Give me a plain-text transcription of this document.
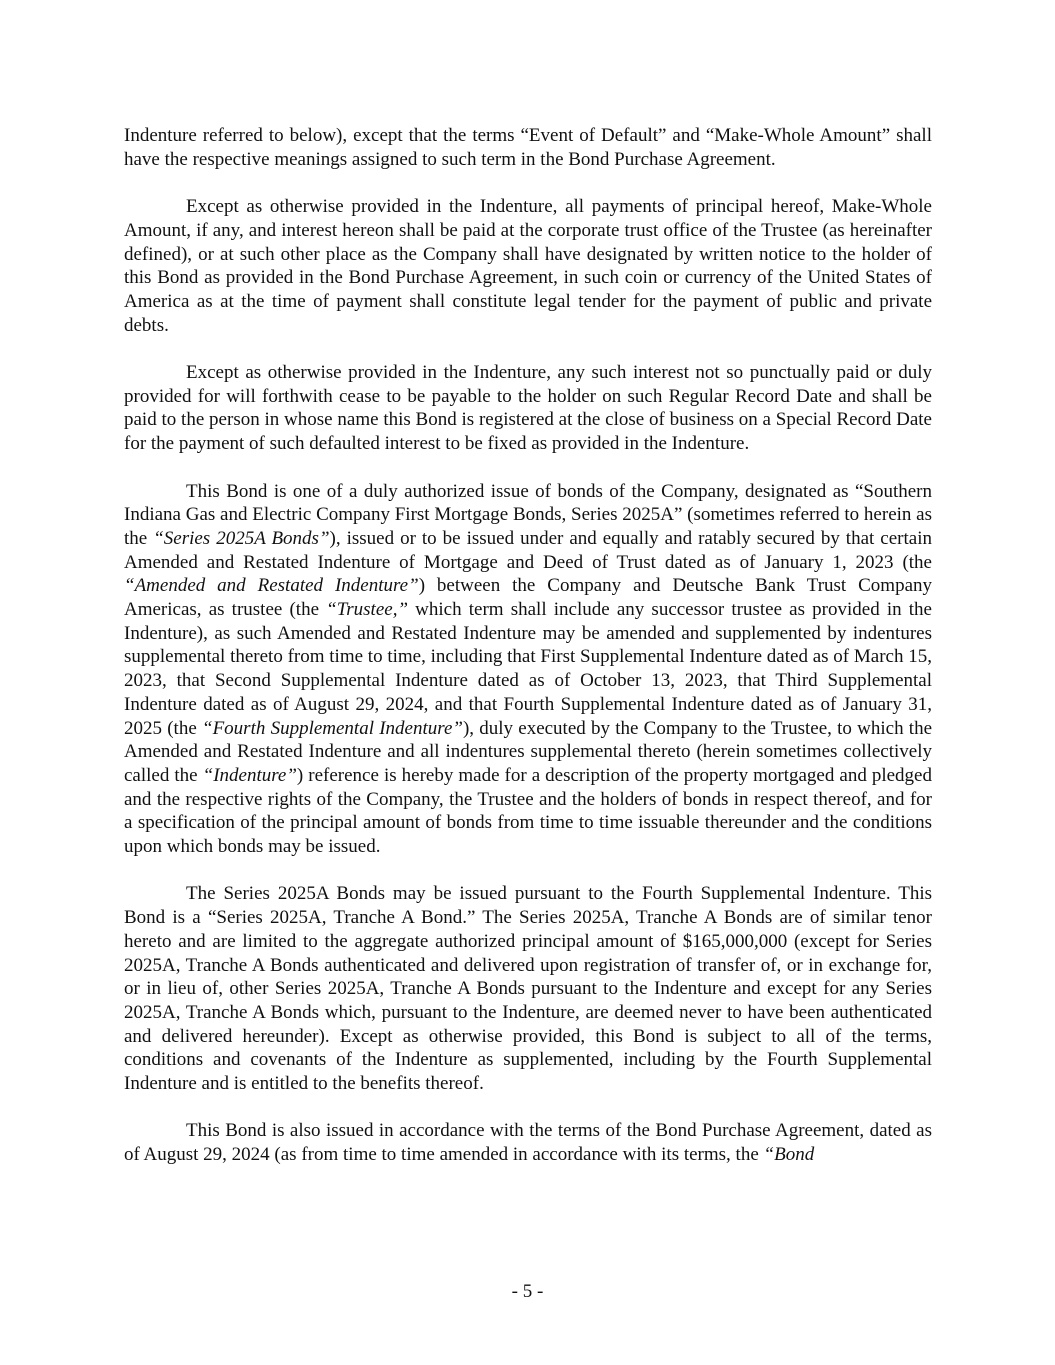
Indenture referred to below), except that the terms “Event of Default” and “Make-Whole Amount” shall have the respective meanings assigned to such term in the Bond Purchase Agreement.

Except as otherwise provided in the Indenture, all payments of principal hereof, Make-Whole Amount, if any, and interest hereon shall be paid at the corporate trust office of the Trustee (as hereinafter defined), or at such other place as the Company shall have designated by written notice to the holder of this Bond as provided in the Bond Purchase Agreement, in such coin or currency of the United States of America as at the time of payment shall constitute legal tender for the payment of public and private debts.

Except as otherwise provided in the Indenture, any such interest not so punctually paid or duly provided for will forthwith cease to be payable to the holder on such Regular Record Date and shall be paid to the person in whose name this Bond is registered at the close of business on a Special Record Date for the payment of such defaulted interest to be fixed as provided in the Indenture.

This Bond is one of a duly authorized issue of bonds of the Company, designated as “Southern Indiana Gas and Electric Company First Mortgage Bonds, Series 2025A” (sometimes referred to herein as the “Series 2025A Bonds”), issued or to be issued under and equally and ratably secured by that certain Amended and Restated Indenture of Mortgage and Deed of Trust dated as of January 1, 2023 (the “Amended and Restated Indenture”) between the Company and Deutsche Bank Trust Company Americas, as trustee (the “Trustee,” which term shall include any successor trustee as provided in the Indenture), as such Amended and Restated Indenture may be amended and supplemented by indentures supplemental thereto from time to time, including that First Supplemental Indenture dated as of March 15, 2023, that Second Supplemental Indenture dated as of October 13, 2023, that Third Supplemental Indenture dated as of August 29, 2024, and that Fourth Supplemental Indenture dated as of January 31, 2025 (the “Fourth Supplemental Indenture”), duly executed by the Company to the Trustee, to which the Amended and Restated Indenture and all indentures supplemental thereto (herein sometimes collectively called the “Indenture”) reference is hereby made for a description of the property mortgaged and pledged and the respective rights of the Company, the Trustee and the holders of bonds in respect thereof, and for a specification of the principal amount of bonds from time to time issuable thereunder and the conditions upon which bonds may be issued.

The Series 2025A Bonds may be issued pursuant to the Fourth Supplemental Indenture. This Bond is a “Series 2025A, Tranche A Bond.” The Series 2025A, Tranche A Bonds are of similar tenor hereto and are limited to the aggregate authorized principal amount of $165,000,000 (except for Series 2025A, Tranche A Bonds authenticated and delivered upon registration of transfer of, or in exchange for, or in lieu of, other Series 2025A, Tranche A Bonds pursuant to the Indenture and except for any Series 2025A, Tranche A Bonds which, pursuant to the Indenture, are deemed never to have been authenticated and delivered hereunder). Except as otherwise provided, this Bond is subject to all of the terms, conditions and covenants of the Indenture as supplemented, including by the Fourth Supplemental Indenture and is entitled to the benefits thereof.

This Bond is also issued in accordance with the terms of the Bond Purchase Agreement, dated as of August 29, 2024 (as from time to time amended in accordance with its terms, the “Bond

- 5 -
